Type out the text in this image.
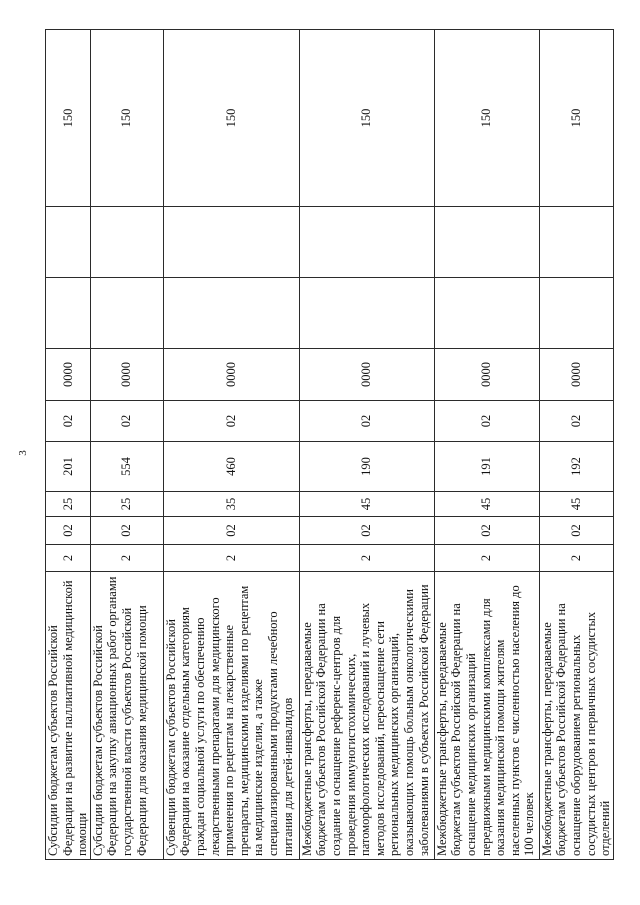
3
Субсидии бюджетам субъектов Российской Федерации на развитие паллиативной медицинской помощи	2	02	25	201	02	0000			150
Субсидии бюджетам субъектов Российской Федерации на закупку авиационных работ органами государственной власти субъектов Российской Федерации для оказания медицинской помощи	2	02	25	554	02	0000			150
Субвенции бюджетам субъектов Российской Федерации на оказание отдельным категориям граждан социальной услуги по обеспечению лекарственными препаратами для медицинского применения по рецептам на лекарственные препараты, медицинскими изделиями по рецептам на медицинские изделия, а также специализированными продуктами лечебного питания для детей-инвалидов	2	02	35	460	02	0000			150
Межбюджетные трансферты, передаваемые бюджетам субъектов Российской Федерации на создание и оснащение референс-центров для проведения иммуногистохимических, патоморфологических исследований и лучевых методов исследований, переоснащение сети региональных медицинских организаций, оказывающих помощь больным онкологическими заболеваниями в субъектах Российской Федерации	2	02	45	190	02	0000			150
Межбюджетные трансферты, передаваемые бюджетам субъектов Российской Федерации на оснащение медицинских организаций передвижными медицинскими комплексами для оказания медицинской помощи жителям населенных пунктов с численностью населения до 100 человек	2	02	45	191	02	0000			150
Межбюджетные трансферты, передаваемые бюджетам субъектов Российской Федерации на оснащение оборудованием региональных сосудистых центров и первичных сосудистых отделений	2	02	45	192	02	0000			150
